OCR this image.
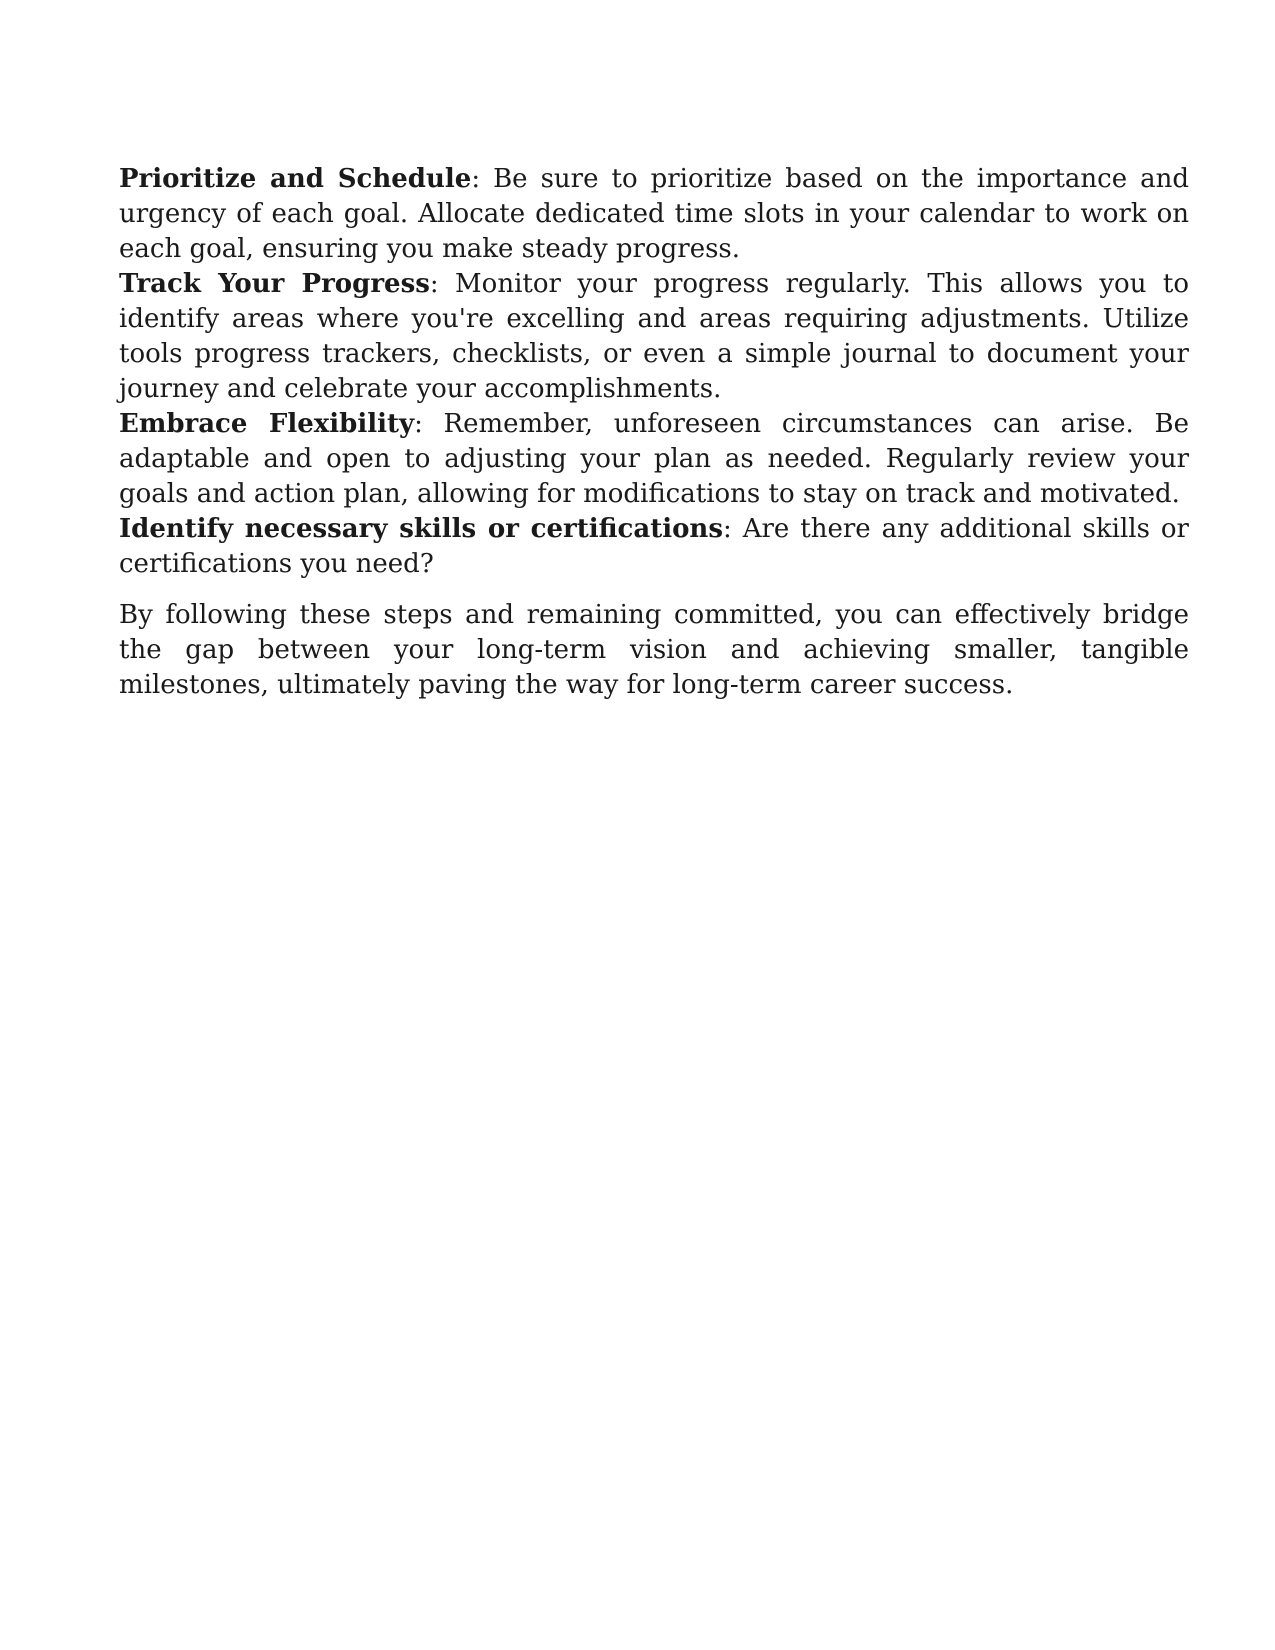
Prioritize and Schedule: Be sure to prioritize based on the importance and urgency of each goal. Allocate dedicated time slots in your calendar to work on each goal, ensuring you make steady progress.

Track Your Progress: Monitor your progress regularly. This allows you to identify areas where you're excelling and areas requiring adjustments. Utilize tools progress trackers, checklists, or even a simple journal to document your journey and celebrate your accomplishments.

Embrace Flexibility: Remember, unforeseen circumstances can arise. Be adaptable and open to adjusting your plan as needed. Regularly review your goals and action plan, allowing for modifications to stay on track and motivated.

Identify necessary skills or certifications: Are there any additional skills or certifications you need?

By following these steps and remaining committed, you can effectively bridge the gap between your long-term vision and achieving smaller, tangible milestones, ultimately paving the way for long-term career success.
